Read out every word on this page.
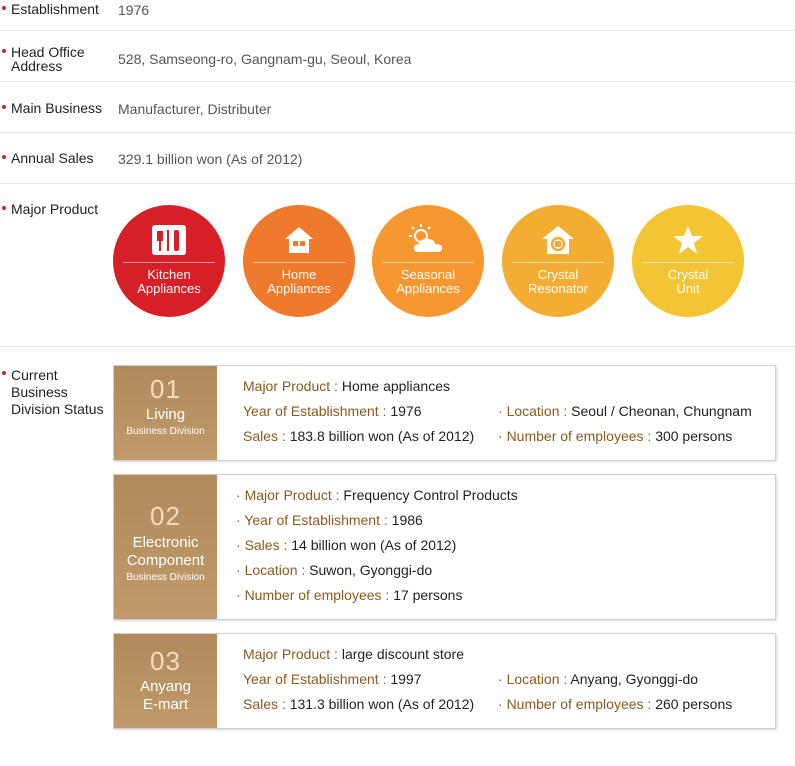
Establishment 1976
Head Office
Address	528, Samseong-ro, Gangnam-gu, Seoul, Korea
Main Business Manufacturer, Distributer
Annual Sales 329.1 billion won (As of 2012)
Major Product
Kitchen
Appliances
Home
Appliances
Seasonal
Appliances
Crystal
Resonator
Crystal
Unit
Current
Business
Division Status
01
Living
Business Division
Major Product : Home appliances
Year of Establishment : 1976
Sales : 183.8 billion won (As of 2012)
· Location : Seoul / Cheonan, Chungnam
· Number of employees : 300 persons
02
Electronic
Component
Business Division
· Major Product : Frequency Control Products
· Year of Establishment : 1986
· Sales : 14 billion won (As of 2012)
· Location : Suwon, Gyonggi-do
· Number of employees : 17 persons
03
Anyang
E-mart
Major Product : large discount store
Year of Establishment : 1997
Sales : 131.3 billion won (As of 2012)
· Location : Anyang, Gyonggi-do
· Number of employees : 260 persons
